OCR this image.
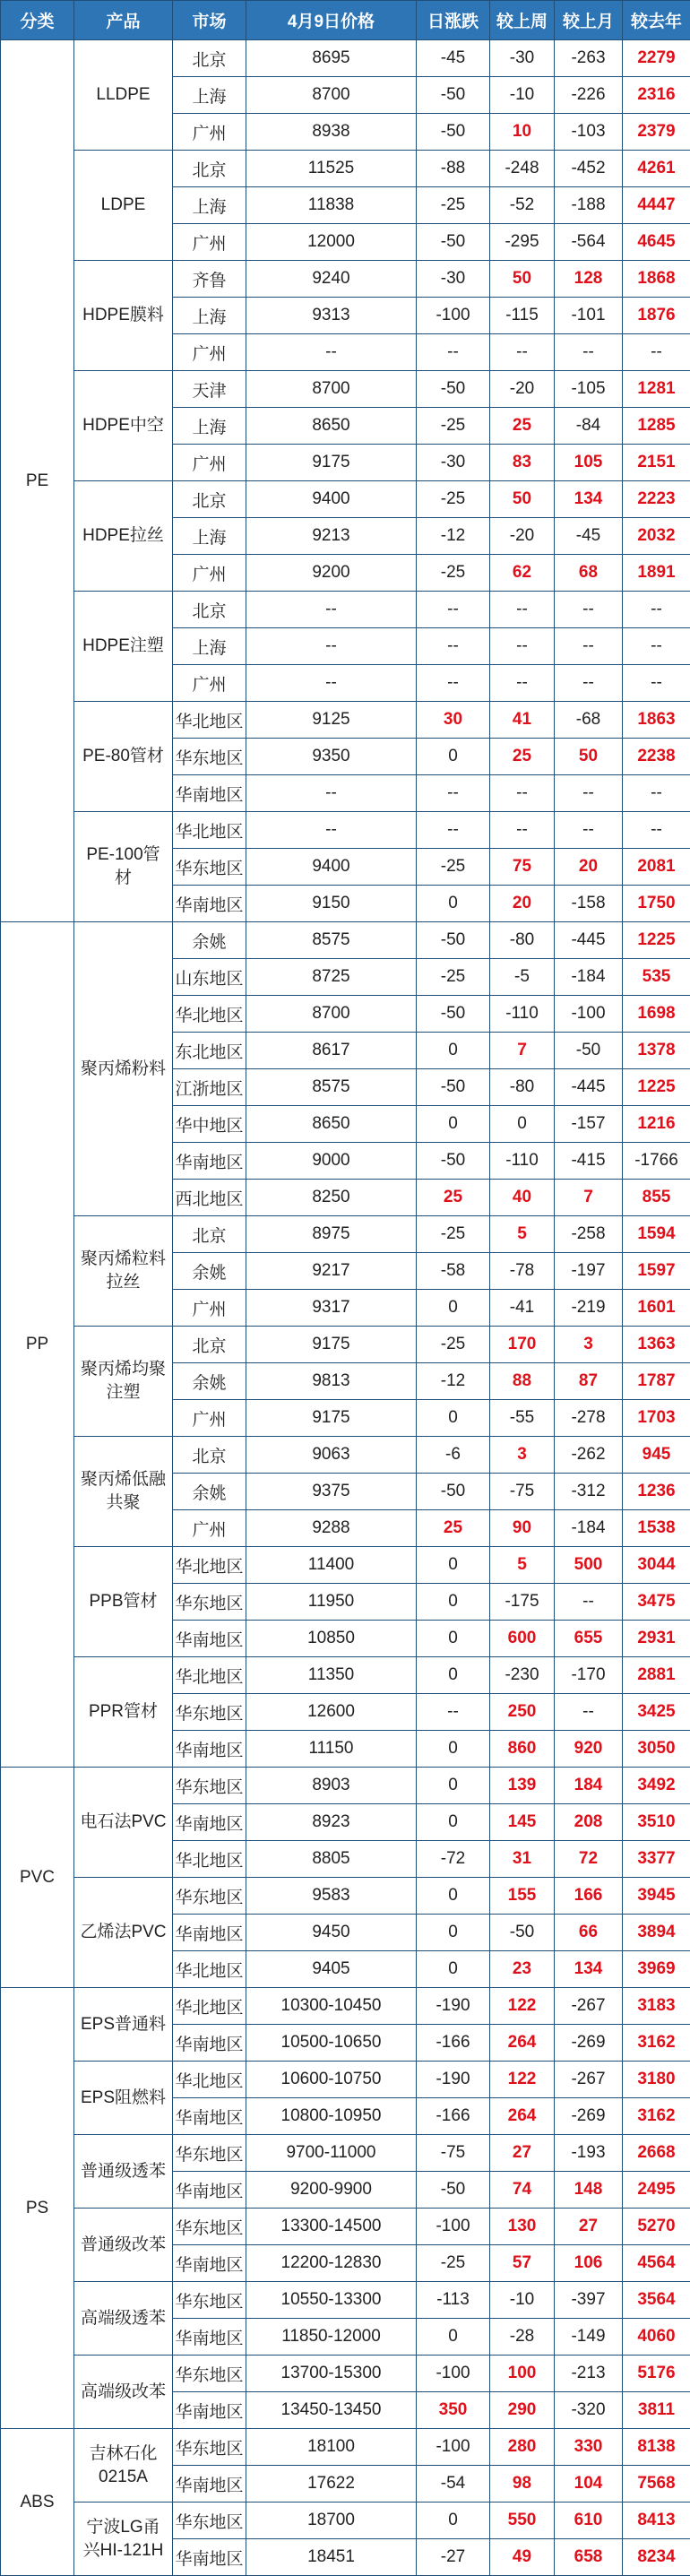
分类	产品	市场	4月9日价格	日涨跌	较上周	较上月	较去年
PE	LLDPE	北京	8695	-45	-30	-263	2279
		上海	8700	-50	-10	-226	2316
		广州	8938	-50	10	-103	2379
	LDPE	北京	11525	-88	-248	-452	4261
		上海	11838	-25	-52	-188	4447
		广州	12000	-50	-295	-564	4645
	HDPE膜料	齐鲁	9240	-30	50	128	1868
		上海	9313	-100	-115	-101	1876
		广州	--	--	--	--	--
	HDPE中空	天津	8700	-50	-20	-105	1281
		上海	8650	-25	25	-84	1285
		广州	9175	-30	83	105	2151
	HDPE拉丝	北京	9400	-25	50	134	2223
		上海	9213	-12	-20	-45	2032
		广州	9200	-25	62	68	1891
	HDPE注塑	北京	--	--	--	--	--
		上海	--	--	--	--	--
		广州	--	--	--	--	--
	PE-80管材	华北地区	9125	30	41	-68	1863
		华东地区	9350	0	25	50	2238
		华南地区	--	--	--	--	--
	PE-100管材	华北地区	--	--	--	--	--
		华东地区	9400	-25	75	20	2081
		华南地区	9150	0	20	-158	1750
PP	聚丙烯粉料	余姚	8575	-50	-80	-445	1225
		山东地区	8725	-25	-5	-184	535
		华北地区	8700	-50	-110	-100	1698
		东北地区	8617	0	7	-50	1378
		江浙地区	8575	-50	-80	-445	1225
		华中地区	8650	0	0	-157	1216
		华南地区	9000	-50	-110	-415	-1766
		西北地区	8250	25	40	7	855
	聚丙烯粒料拉丝	北京	8975	-25	5	-258	1594
		余姚	9217	-58	-78	-197	1597
		广州	9317	0	-41	-219	1601
	聚丙烯均聚注塑	北京	9175	-25	170	3	1363
		余姚	9813	-12	88	87	1787
		广州	9175	0	-55	-278	1703
	聚丙烯低融共聚	北京	9063	-6	3	-262	945
		余姚	9375	-50	-75	-312	1236
		广州	9288	25	90	-184	1538
	PPB管材	华北地区	11400	0	5	500	3044
		华东地区	11950	0	-175	--	3475
		华南地区	10850	0	600	655	2931
	PPR管材	华北地区	11350	0	-230	-170	2881
		华东地区	12600	--	250	--	3425
		华南地区	11150	0	860	920	3050
PVC	电石法PVC	华东地区	8903	0	139	184	3492
		华南地区	8923	0	145	208	3510
		华北地区	8805	-72	31	72	3377
	乙烯法PVC	华东地区	9583	0	155	166	3945
		华南地区	9450	0	-50	66	3894
		华北地区	9405	0	23	134	3969
PS	EPS普通料	华北地区	10300-10450	-190	122	-267	3183
		华南地区	10500-10650	-166	264	-269	3162
	EPS阻燃料	华北地区	10600-10750	-190	122	-267	3180
		华南地区	10800-10950	-166	264	-269	3162
	普通级透苯	华东地区	9700-11000	-75	27	-193	2668
		华南地区	9200-9900	-50	74	148	2495
	普通级改苯	华东地区	13300-14500	-100	130	27	5270
		华南地区	12200-12830	-25	57	106	4564
	高端级透苯	华东地区	10550-13300	-113	-10	-397	3564
		华南地区	11850-12000	0	-28	-149	4060
	高端级改苯	华东地区	13700-15300	-100	100	-213	5176
		华南地区	13450-13450	350	290	-320	3811
ABS	吉林石化0215A	华东地区	18100	-100	280	330	8138
		华南地区	17622	-54	98	104	7568
	宁波LG甬兴HI-121H	华东地区	18700	0	550	610	8413
		华南地区	18451	-27	49	658	8234
